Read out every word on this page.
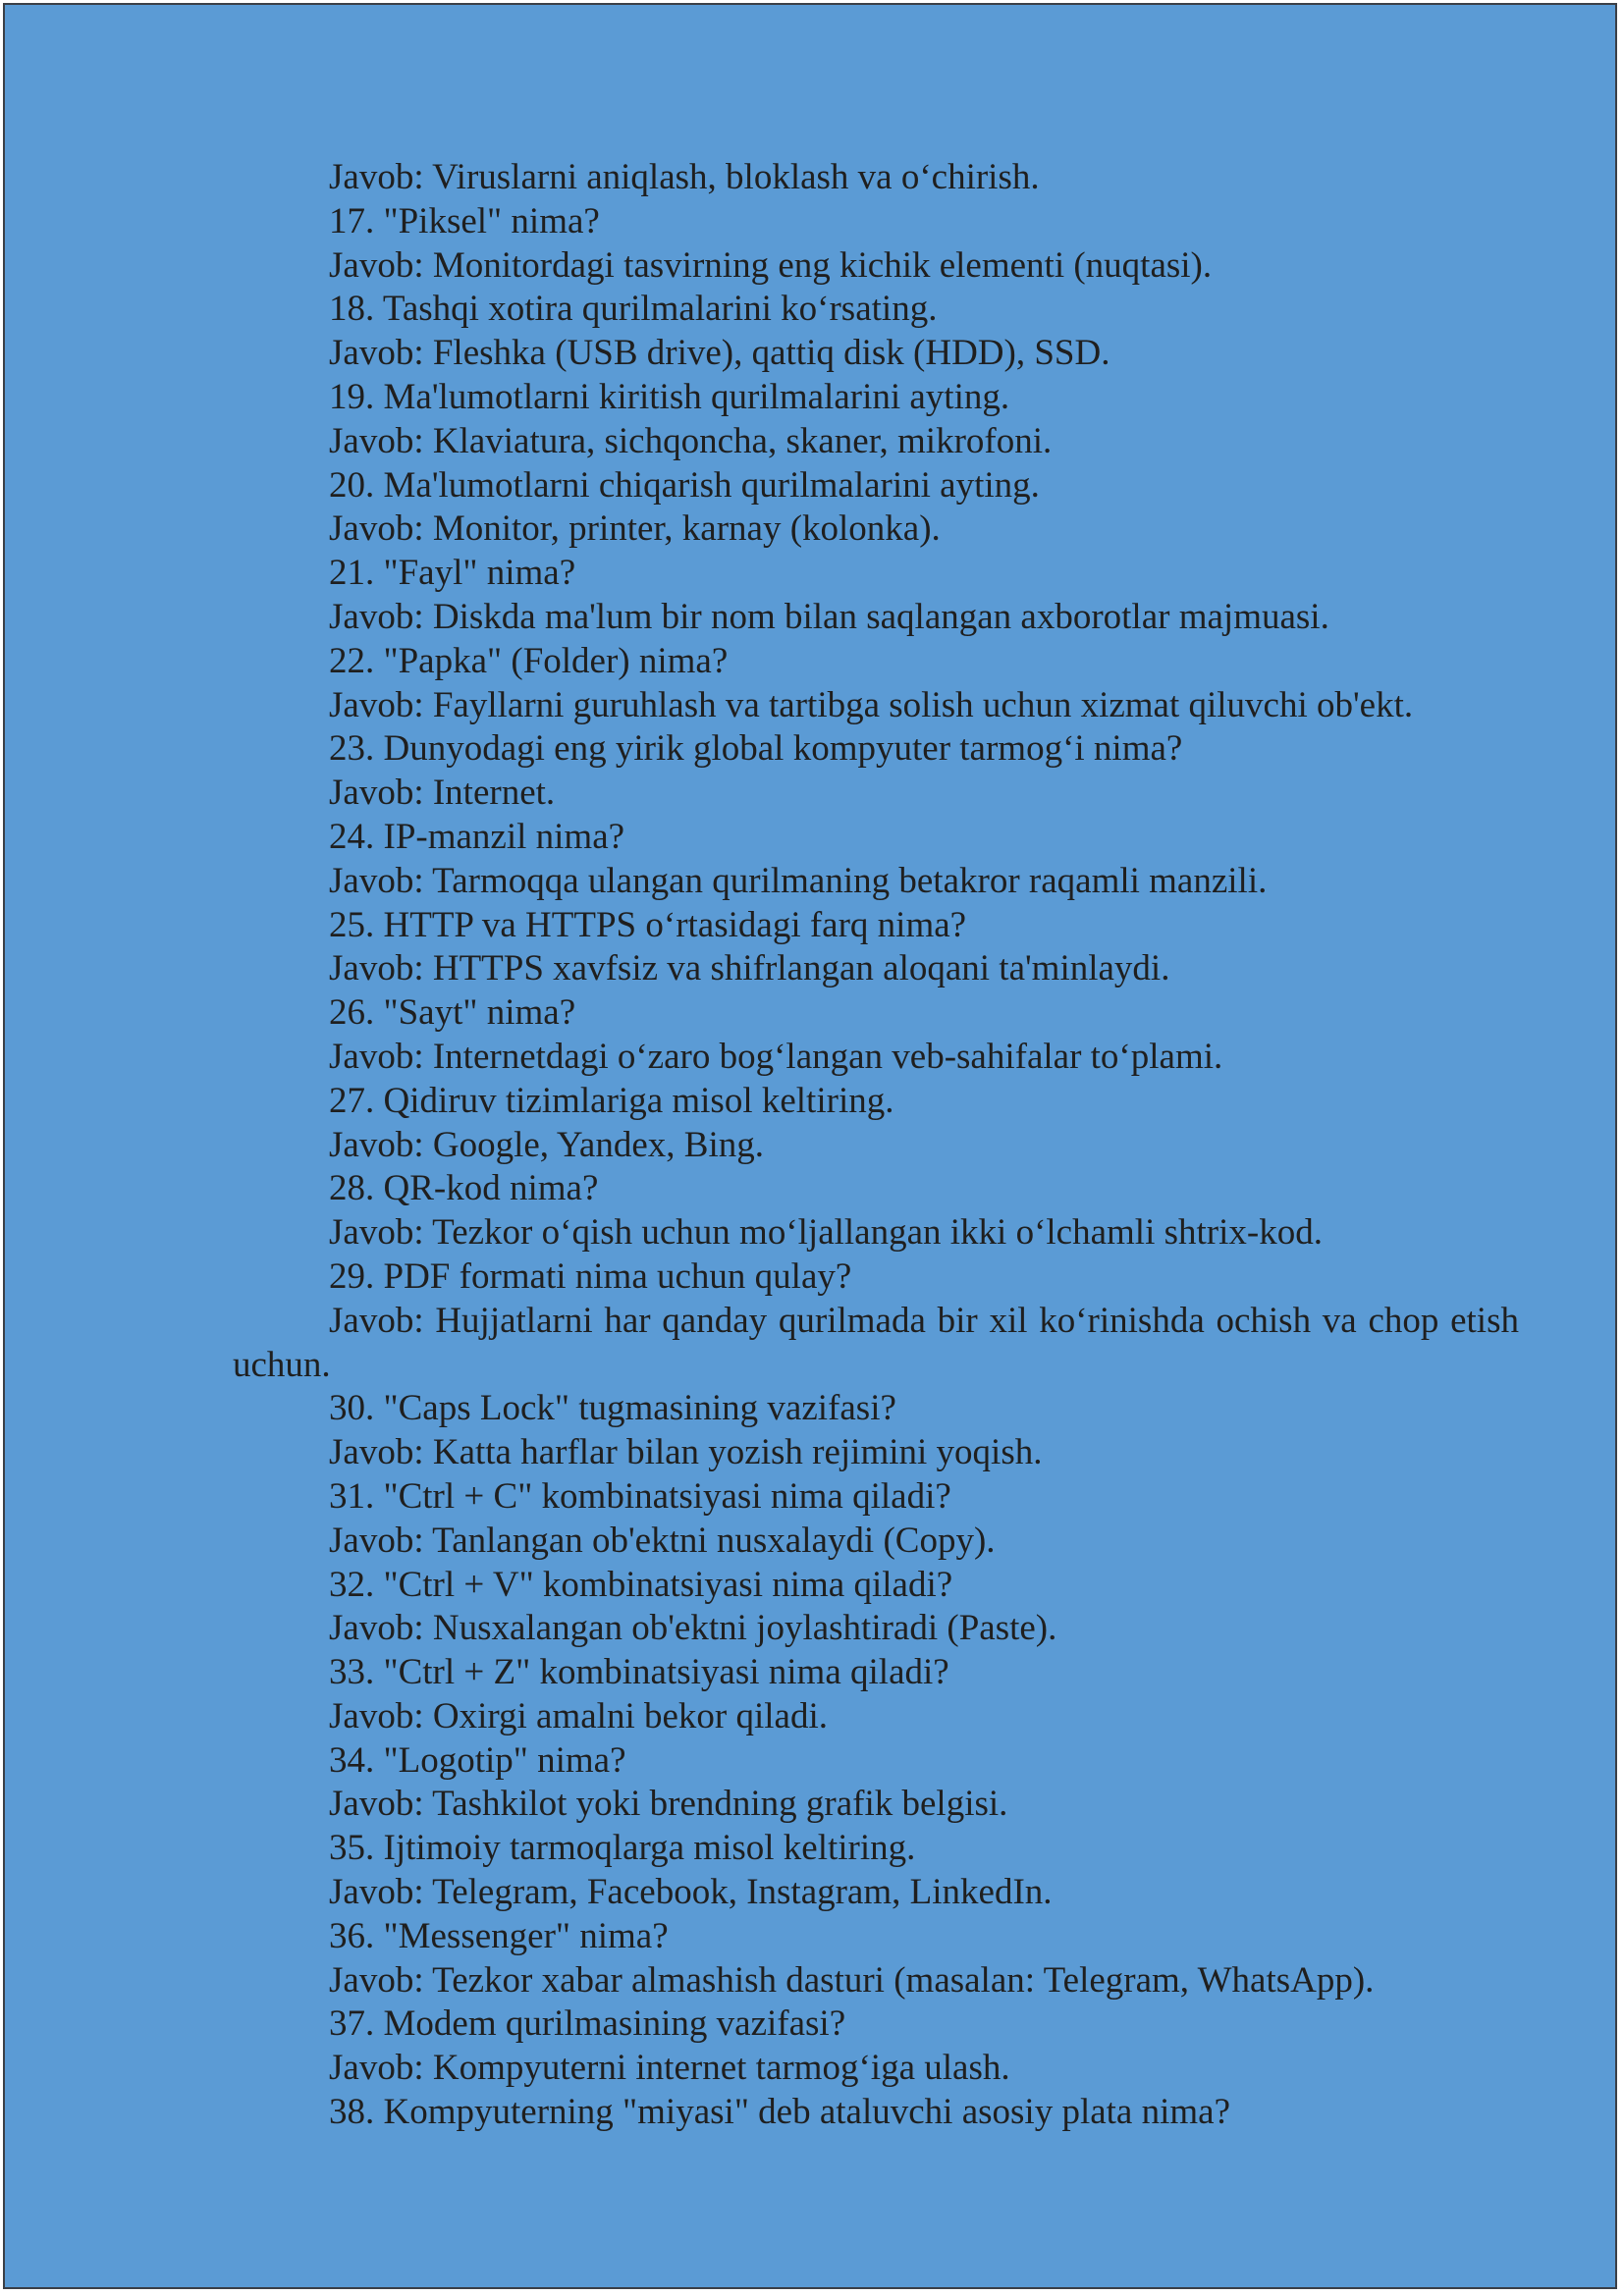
Javob: Viruslarni aniqlash, bloklash va o‘chirish.

17. "Piksel" nima?

Javob: Monitordagi tasvirning eng kichik elementi (nuqtasi).

18. Tashqi xotira qurilmalarini ko‘rsating.

Javob: Fleshka (USB drive), qattiq disk (HDD), SSD.

19. Ma'lumotlarni kiritish qurilmalarini ayting.

Javob: Klaviatura, sichqoncha, skaner, mikrofoni.

20. Ma'lumotlarni chiqarish qurilmalarini ayting.

Javob: Monitor, printer, karnay (kolonka).

21. "Fayl" nima?

Javob: Diskda ma'lum bir nom bilan saqlangan axborotlar majmuasi.

22. "Papka" (Folder) nima?

Javob: Fayllarni guruhlash va tartibga solish uchun xizmat qiluvchi ob'ekt.

23. Dunyodagi eng yirik global kompyuter tarmog‘i nima?

Javob: Internet.

24. IP-manzil nima?

Javob: Tarmoqqa ulangan qurilmaning betakror raqamli manzili.

25. HTTP va HTTPS o‘rtasidagi farq nima?

Javob: HTTPS xavfsiz va shifrlangan aloqani ta'minlaydi.

26. "Sayt" nima?

Javob: Internetdagi o‘zaro bog‘langan veb-sahifalar to‘plami.

27. Qidiruv tizimlariga misol keltiring.

Javob: Google, Yandex, Bing.

28. QR-kod nima?

Javob: Tezkor o‘qish uchun mo‘ljallangan ikki o‘lchamli shtrix-kod.

29. PDF formati nima uchun qulay?

Javob: Hujjatlarni har qanday qurilmada bir xil ko‘rinishda ochish va chop etish uchun.

30. "Caps Lock" tugmasining vazifasi?

Javob: Katta harflar bilan yozish rejimini yoqish.

31. "Ctrl + C" kombinatsiyasi nima qiladi?

Javob: Tanlangan ob'ektni nusxalaydi (Copy).

32. "Ctrl + V" kombinatsiyasi nima qiladi?

Javob: Nusxalangan ob'ektni joylashtiradi (Paste).

33. "Ctrl + Z" kombinatsiyasi nima qiladi?

Javob: Oxirgi amalni bekor qiladi.

34. "Logotip" nima?

Javob: Tashkilot yoki brendning grafik belgisi.

35. Ijtimoiy tarmoqlarga misol keltiring.

Javob: Telegram, Facebook, Instagram, LinkedIn.

36. "Messenger" nima?

Javob: Tezkor xabar almashish dasturi (masalan: Telegram, WhatsApp).

37. Modem qurilmasining vazifasi?

Javob: Kompyuterni internet tarmog‘iga ulash.

38. Kompyuterning "miyasi" deb ataluvchi asosiy plata nima?
